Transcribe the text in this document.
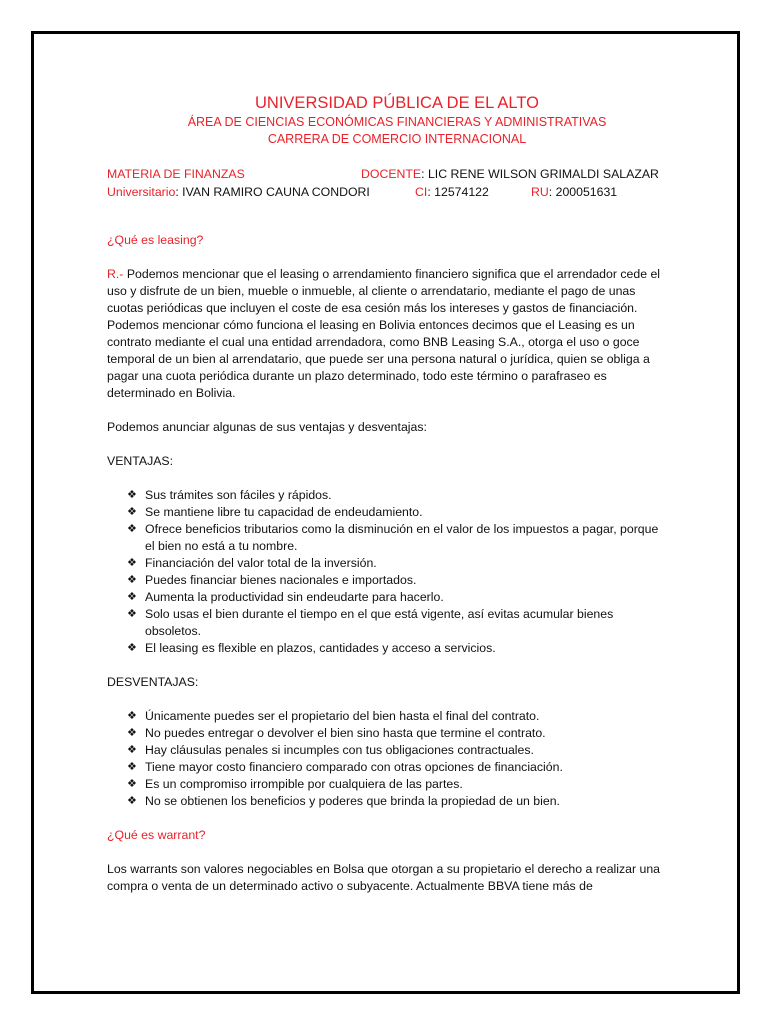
UNIVERSIDAD PÚBLICA DE EL ALTO
ÁREA DE CIENCIAS ECONÓMICAS FINANCIERAS Y ADMINISTRATIVAS
CARRERA DE COMERCIO INTERNACIONAL
MATERIA DE FINANZAS	DOCENTE: LIC RENE WILSON GRIMALDI SALAZAR
Universitario: IVAN RAMIRO CAUNA CONDORI	CI: 12574122	RU: 200051631
¿Qué es leasing?

R.- Podemos mencionar que el leasing o arrendamiento financiero significa que el arrendador cede el uso y disfrute de un bien, mueble o inmueble, al cliente o arrendatario, mediante el pago de unas cuotas periódicas que incluyen el coste de esa cesión más los intereses y gastos de financiación. Podemos mencionar cómo funciona el leasing en Bolivia entonces decimos que el Leasing es un contrato mediante el cual una entidad arrendadora, como BNB Leasing S.A., otorga el uso o goce temporal de un bien al arrendatario, que puede ser una persona natural o jurídica, quien se obliga a pagar una cuota periódica durante un plazo determinado, todo este término o parafraseo es determinado en Bolivia.

Podemos anunciar algunas de sus ventajas y desventajas:

VENTAJAS:

❖ Sus trámites son fáciles y rápidos.
❖ Se mantiene libre tu capacidad de endeudamiento.
❖ Ofrece beneficios tributarios como la disminución en el valor de los impuestos a pagar, porque el bien no está a tu nombre.
❖ Financiación del valor total de la inversión.
❖ Puedes financiar bienes nacionales e importados.
❖ Aumenta la productividad sin endeudarte para hacerlo.
❖ Solo usas el bien durante el tiempo en el que está vigente, así evitas acumular bienes obsoletos.
❖ El leasing es flexible en plazos, cantidades y acceso a servicios.

DESVENTAJAS:

❖ Únicamente puedes ser el propietario del bien hasta el final del contrato.
❖ No puedes entregar o devolver el bien sino hasta que termine el contrato.
❖ Hay cláusulas penales si incumples con tus obligaciones contractuales.
❖ Tiene mayor costo financiero comparado con otras opciones de financiación.
❖ Es un compromiso irrompible por cualquiera de las partes.
❖ No se obtienen los beneficios y poderes que brinda la propiedad de un bien.
¿Qué es warrant?

Los warrants son valores negociables en Bolsa que otorgan a su propietario el derecho a realizar una compra o venta de un determinado activo o subyacente. Actualmente BBVA tiene más de
